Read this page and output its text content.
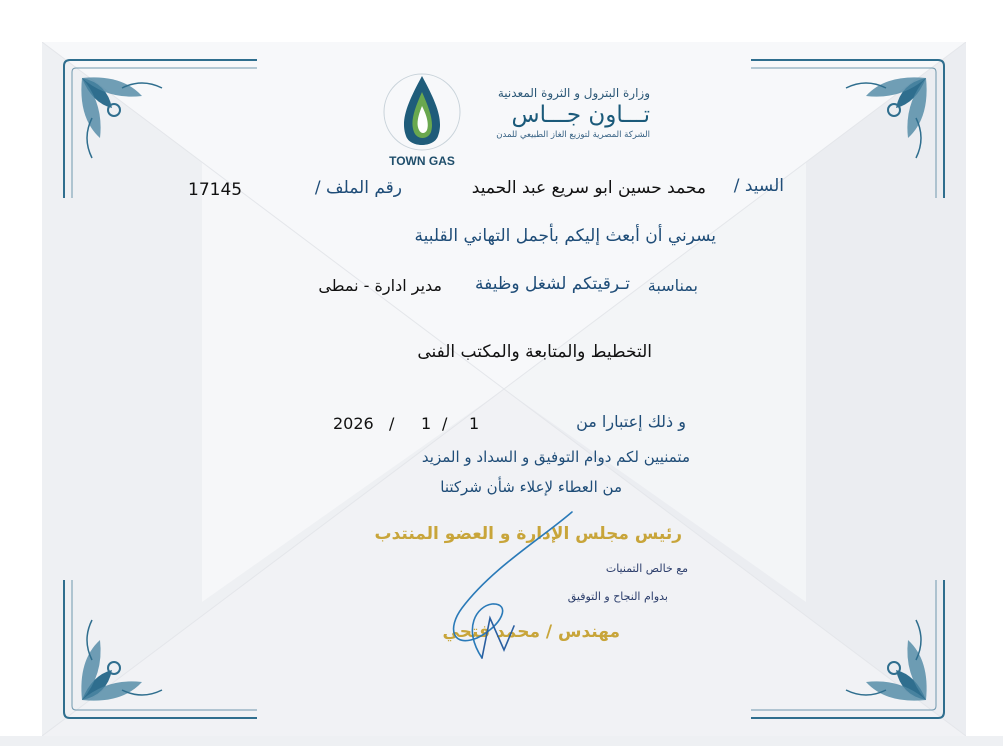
TOWN GAS
وزارة البترول و الثروة المعدنية
تـــاون جـــاس
الشركة المصرية لتوزيع الغاز الطبيعي للمدن
السيد /
محمد حسين ابو سريع عبد الحميد
رقم الملف /
17145
يسرني أن أبعث إليكم بأجمل التهاني القلبية
بمناسبة
تـرقيتكم لشغل وظيفة
مدير ادارة - نمطى
التخطيط والمتابعة والمكتب الفنى
و ذلك إعتبارا من
2026 / 1 / 1
متمنيين لكم دوام التوفيق و السداد و المزيد
من العطاء لإعلاء شأن شركتنا
رئيس مجلس الإدارة و العضو المنتدب
مع خالص التمنيات
بدوام النجاح و التوفيق
مهندس / محمد فتحي
